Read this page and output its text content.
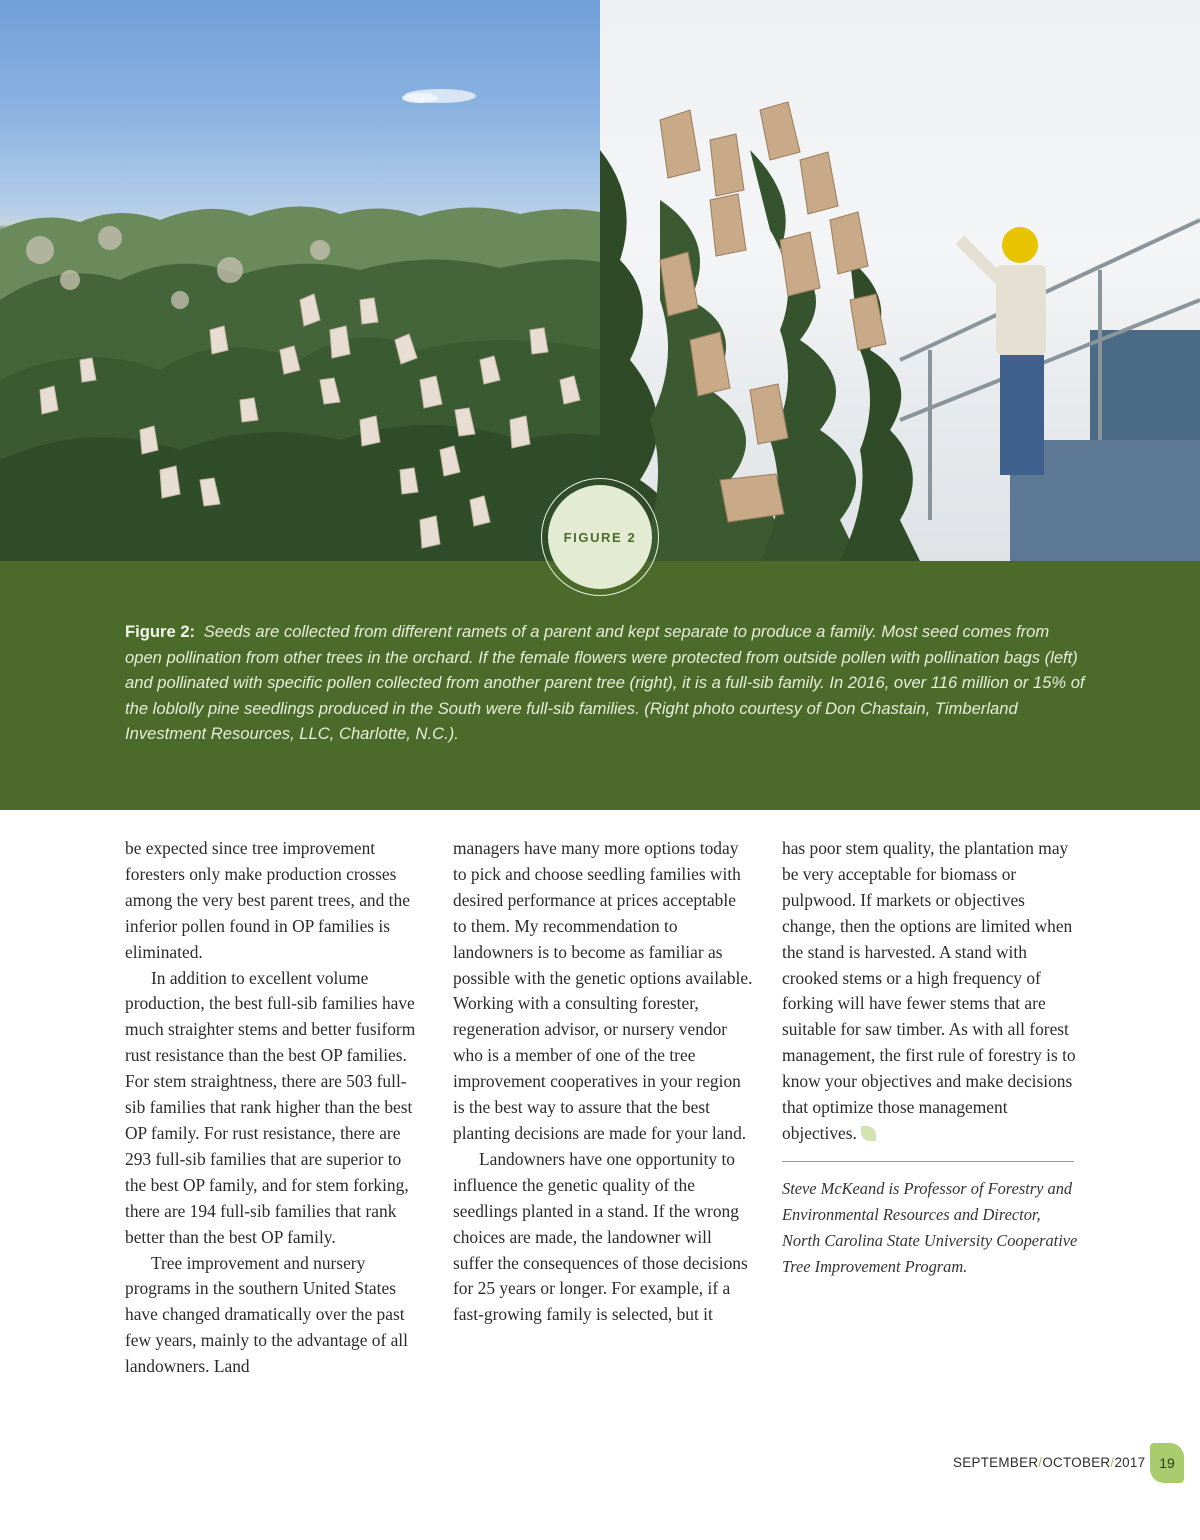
FIGURE 2

Figure 2: Seeds are collected from different ramets of a parent and kept separate to produce a family. Most seed comes from open pollination from other trees in the orchard. If the female flowers were protected from outside pollen with pollination bags (left) and pollinated with specific pollen collected from another parent tree (right), it is a full-sib family. In 2016, over 116 million or 15% of the loblolly pine seedlings produced in the South were full-sib families. (Right photo courtesy of Don Chastain, Timberland Investment Resources, LLC, Charlotte, N.C.).

be expected since tree improvement foresters only make production crosses among the very best parent trees, and the inferior pollen found in OP families is eliminated.

In addition to excellent volume production, the best full-sib families have much straighter stems and better fusiform rust resistance than the best OP families. For stem straightness, there are 503 full-sib families that rank higher than the best OP family. For rust resistance, there are 293 full-sib families that are superior to the best OP family, and for stem forking, there are 194 full-sib families that rank better than the best OP family.

Tree improvement and nursery programs in the southern United States have changed dramatically over the past few years, mainly to the advantage of all landowners. Land

managers have many more options today to pick and choose seedling families with desired performance at prices acceptable to them. My recommendation to landowners is to become as familiar as possible with the genetic options available. Working with a consulting forester, regeneration advisor, or nursery vendor who is a member of one of the tree improvement cooperatives in your region is the best way to assure that the best planting decisions are made for your land.

Landowners have one opportunity to influence the genetic quality of the seedlings planted in a stand. If the wrong choices are made, the landowner will suffer the consequences of those decisions for 25 years or longer. For example, if a fast-growing family is selected, but it

has poor stem quality, the plantation may be very acceptable for biomass or pulpwood. If markets or objectives change, then the options are limited when the stand is harvested. A stand with crooked stems or a high frequency of forking will have fewer stems that are suitable for saw timber. As with all forest management, the first rule of forestry is to know your objectives and make decisions that optimize those management objectives.

Steve McKeand is Professor of Forestry and Environmental Resources and Director, North Carolina State University Cooperative Tree Improvement Program.

SEPTEMBER/OCTOBER/2017 19
